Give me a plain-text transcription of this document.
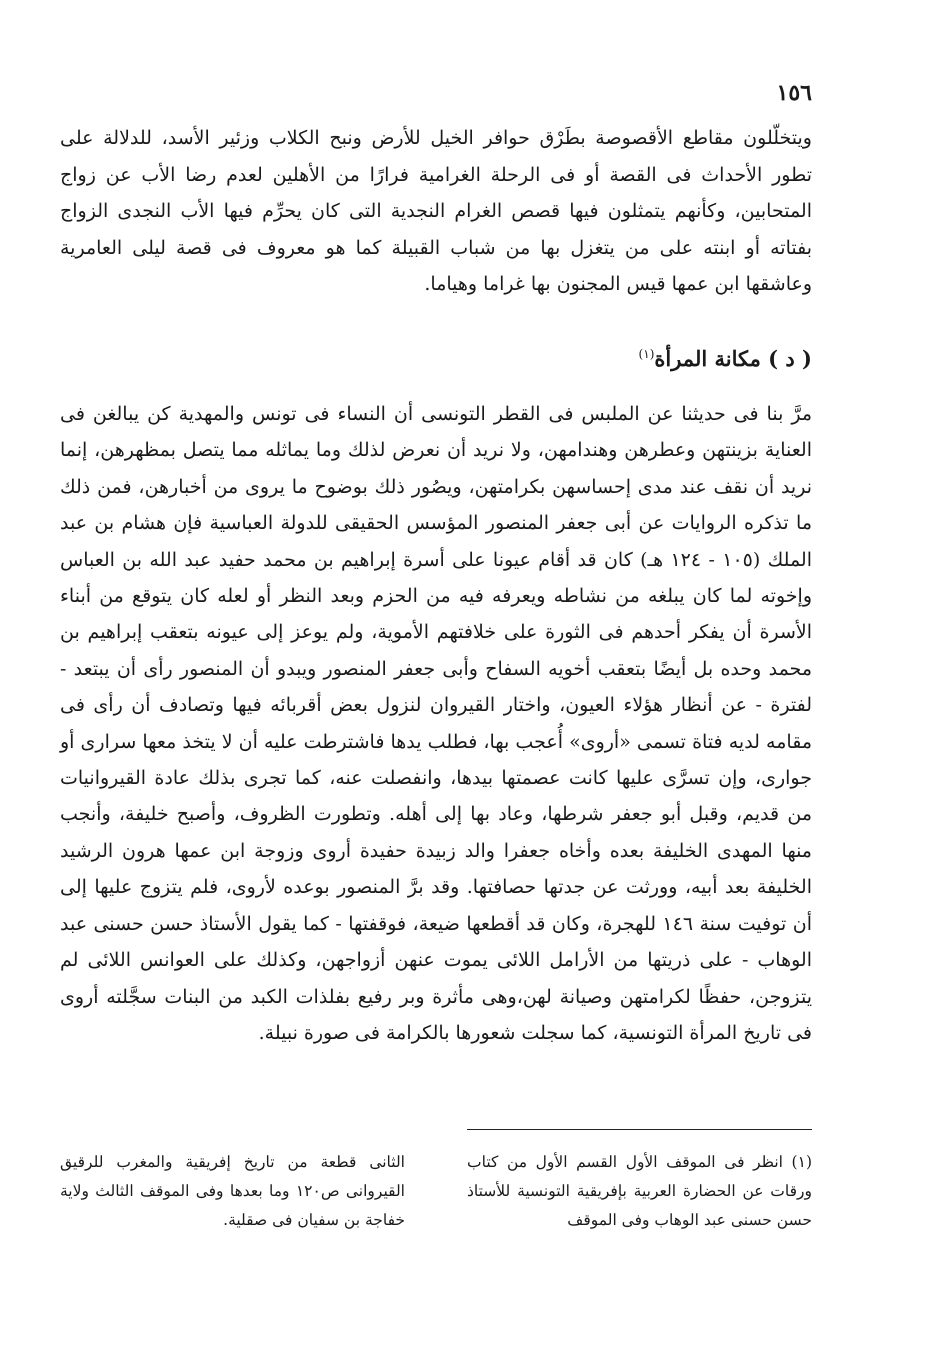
١٥٦

ويتخلّلون مقاطع الأقصوصة بطَرْق حوافر الخيل للأرض ونبح الكلاب وزئير الأسد، للدلالة على تطور الأحداث فى القصة أو فى الرحلة الغرامية فرارًا من الأهلين لعدم رضا الأب عن زواج المتحابين، وكأنهم يتمثلون فيها قصص الغرام النجدية التى كان يحرِّم فيها الأب النجدى الزواج بفتاته أو ابنته على من يتغزل بها من شباب القبيلة كما هو معروف فى قصة ليلى العامرية وعاشقها ابن عمها قيس المجنون بها غراما وهياما.

( د ) مكانة المرأة$^{(١)}$

مرَّ بنا فى حديثنا عن الملبس فى القطر التونسى أن النساء فى تونس والمهدية كن يبالغن فى العناية بزينتهن وعطرهن وهندامهن، ولا نريد أن نعرض لذلك وما يماثله مما يتصل بمظهرهن، إنما نريد أن نقف عند مدى إحساسهن بكرامتهن، ويصُور ذلك بوضوح ما يروى من أخبارهن، فمن ذلك ما تذكره الروايات عن أبى جعفر المنصور المؤسس الحقيقى للدولة العباسية فإن هشام بن عبد الملك (١٠٥ - ١٢٤ هـ) كان قد أقام عيونا على أسرة إبراهيم بن محمد حفيد عبد الله بن العباس وإخوته لما كان يبلغه من نشاطه ويعرفه فيه من الحزم وبعد النظر أو لعله كان يتوقع من أبناء الأسرة أن يفكر أحدهم فى الثورة على خلافتهم الأموية، ولم يوعز إلى عيونه بتعقب إبراهيم بن محمد وحده بل أيضًا بتعقب أخويه السفاح وأبى جعفر المنصور ويبدو أن المنصور رأى أن يبتعد - لفترة - عن أنظار هؤلاء العيون، واختار القيروان لنزول بعض أقربائه فيها وتصادف أن رأى فى مقامه لديه فتاة تسمى «أروى» أُعجب بها، فطلب يدها فاشترطت عليه أن لا يتخذ معها سرارى أو جوارى، وإن تسرَّى عليها كانت عصمتها بيدها، وانفصلت عنه، كما تجرى بذلك عادة القيروانيات من قديم، وقبل أبو جعفر شرطها، وعاد بها إلى أهله. وتطورت الظروف، وأصبح خليفة، وأنجب منها المهدى الخليفة بعده وأخاه جعفرا والد زبيدة حفيدة أروى وزوجة ابن عمها هرون الرشيد الخليفة بعد أبيه، وورثت عن جدتها حصافتها. وقد برَّ المنصور بوعده لأروى، فلم يتزوج عليها إلى أن توفيت سنة ١٤٦ للهجرة، وكان قد أقطعها ضيعة، فوقفتها - كما يقول الأستاذ حسن حسنى عبد الوهاب - على ذريتها من الأرامل اللائى يموت عنهن أزواجهن، وكذلك على العوانس اللائى لم يتزوجن، حفظًا لكرامتهن وصيانة لهن،وهى مأثرة وبر رفيع بفلذات الكبد من البنات سجَّلته أروى فى تاريخ المرأة التونسية، كما سجلت شعورها بالكرامة فى صورة نبيلة.

(١) انظر فى الموقف الأول القسم الأول من كتاب ورقات عن الحضارة العربية بإفريقية التونسية للأستاذ حسن حسنى عبد الوهاب وفى الموقف
الثانى قطعة من تاريخ إفريقية والمغرب للرقيق القيروانى ص١٢٠ وما بعدها وفى الموقف الثالث ولاية خفاجة بن سفيان فى صقلية.
